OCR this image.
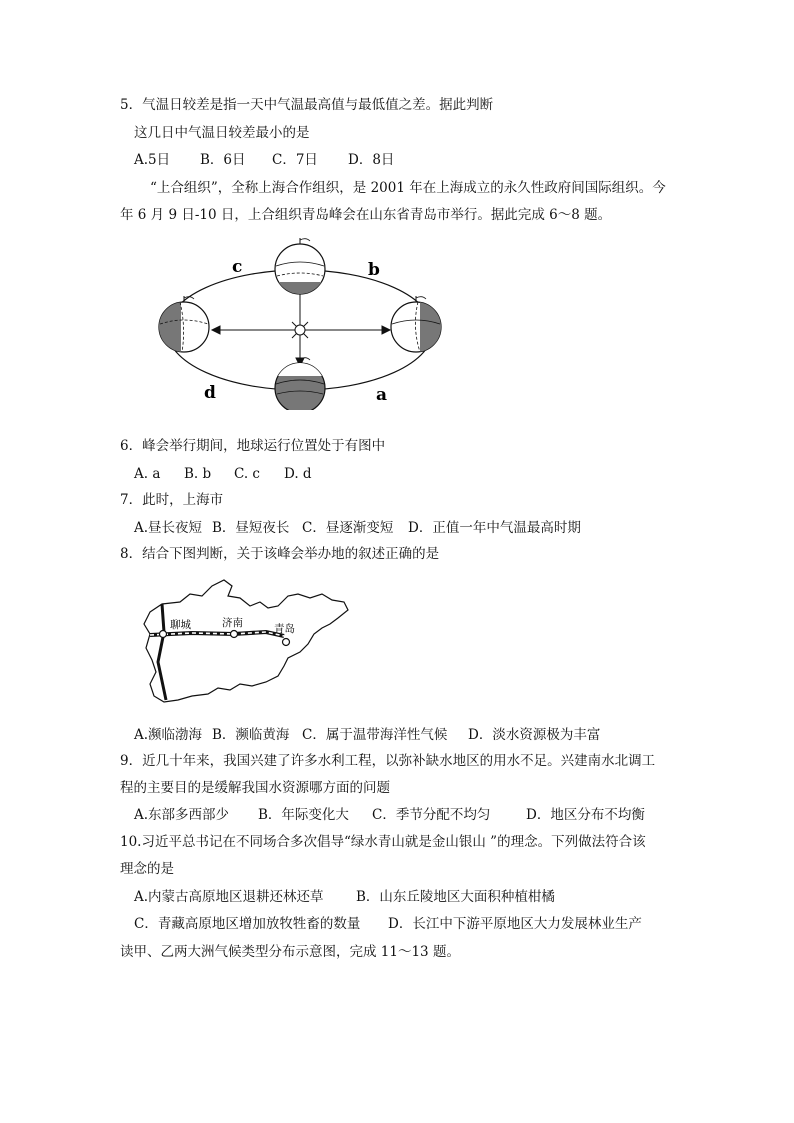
5．气温日较差是指一天中气温最高值与最低值之差。据此判断
这几日中气温日较差最小的是
A.5日 B．6日 C．7日 D．8日
“上合组织”，全称上海合作组织，是 2001 年在上海成立的永久性政府间国际组织。今
年 6 月 9 日-10 日，上合组织青岛峰会在山东省青岛市举行。据此完成 6～8 题。
c	b
d	a
6．峰会举行期间，地球运行位置处于有图中
A. a B. b C. c D. d
7．此时，上海市
A.昼长夜短 B．昼短夜长 C．昼逐渐变短 D．正值一年中气温最高时期
8．结合下图判断，关于该峰会举办地的叙述正确的是
聊城	济南	青岛
A.濒临渤海 B．濒临黄海 C．属于温带海洋性气候 D．淡水资源极为丰富
9．近几十年来，我国兴建了许多水利工程，以弥补缺水地区的用水不足。兴建南水北调工
程的主要目的是缓解我国水资源哪方面的问题
A.东部多西部少 B．年际变化大 C．季节分配不均匀	D．地区分布不均衡
10.习近平总书记在不同场合多次倡导“绿水青山就是金山银山 ”的理念。下列做法符合该
理念的是
A.内蒙古高原地区退耕还林还草 B．山东丘陵地区大面积种植柑橘
C．青藏高原地区增加放牧牲畜的数量 D．长江中下游平原地区大力发展林业生产
读甲、乙两大洲气候类型分布示意图，完成 11～13 题。
